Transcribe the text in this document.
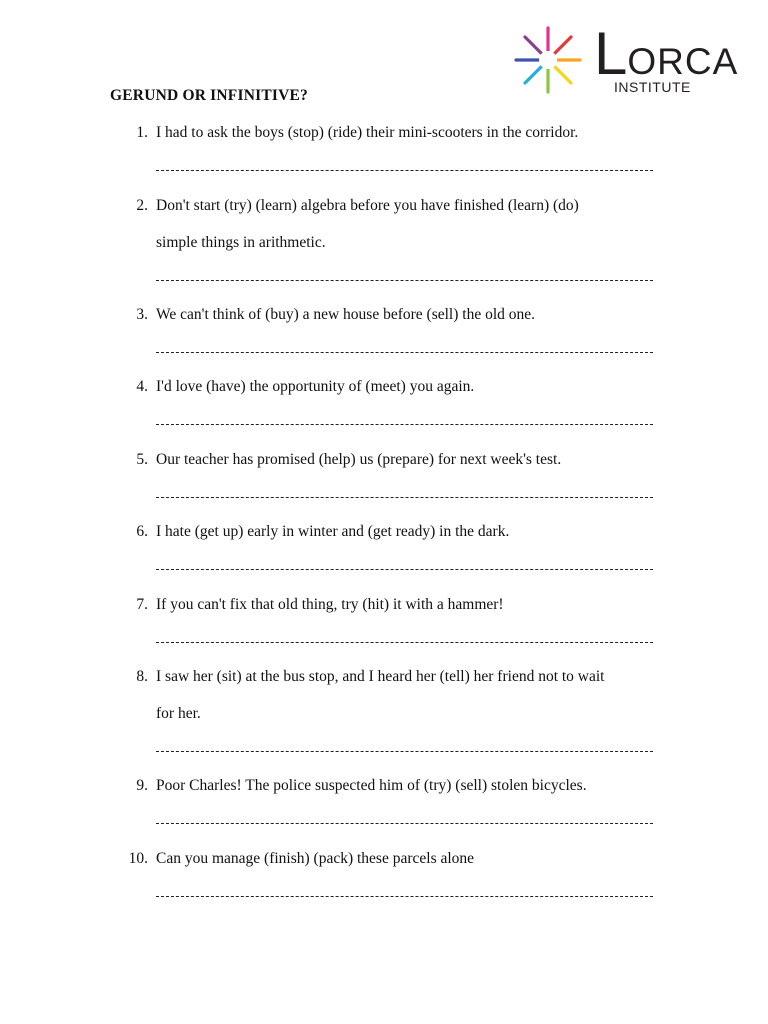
LORCA
INSTITUTE
GERUND OR INFINITIVE?
1. I had to ask the boys (stop) (ride) their mini-scooters in the corridor.
2. Don't start (try) (learn) algebra before you have finished (learn) (do)
simple things in arithmetic.
3. We can't think of (buy) a new house before (sell) the old one.
4. I'd love (have) the opportunity of (meet) you again.
5. Our teacher has promised (help) us (prepare) for next week's test.
6. I hate (get up) early in winter and (get ready) in the dark.
7. If you can't fix that old thing, try (hit) it with a hammer!
8. I saw her (sit) at the bus stop, and I heard her (tell) her friend not to wait
for her.
9. Poor Charles! The police suspected him of (try) (sell) stolen bicycles.
10. Can you manage (finish) (pack) these parcels alone
